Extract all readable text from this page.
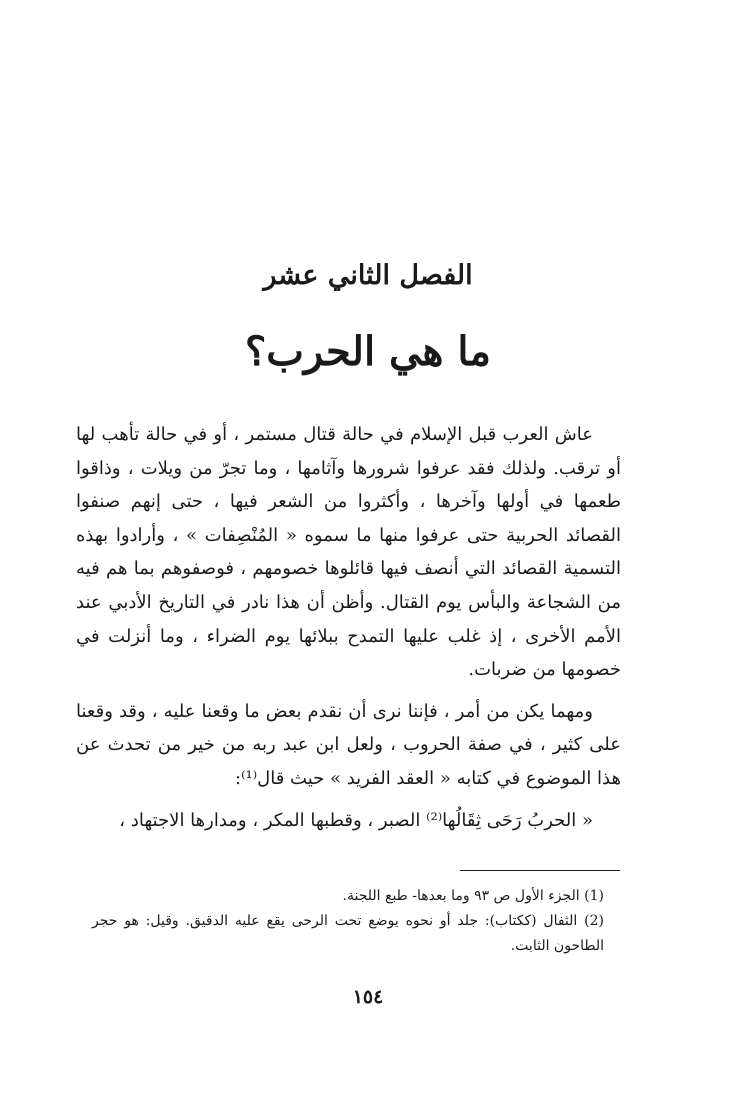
الفصل الثاني عشر
ما هي الحرب؟

عاش العرب قبل الإسلام في حالة قتال مستمر ، أو في حالة تأهب لها أو ترقب. ولذلك فقد عرفوا شرورها وآثامها ، وما تجرّ من ويلات ، وذاقوا طعمها في أولها وآخرها ، وأكثروا من الشعر فيها ، حتى إنهم صنفوا القصائد الحربية حتى عرفوا منها ما سموه « المُنْصِفات » ، وأرادوا بهذه التسمية القصائد التي أنصف فيها قائلوها خصومهم ، فوصفوهم بما هم فيه من الشجاعة والبأس يوم القتال. وأظن أن هذا نادر في التاريخ الأدبي عند الأمم الأخرى ، إذ غلب عليها التمدح ببلائها يوم الضراء ، وما أنزلت في خصومها من ضربات.

ومهما يكن من أمر ، فإننا نرى أن نقدم بعض ما وقعنا عليه ، وقد وقعنا على كثير ، في صفة الحروب ، ولعل ابن عبد ربه من خير من تحدث عن هذا الموضوع في كتابه « العقد الفريد » حيث قال⁽¹⁾:

« الحربُ رَحَى ثِقَالُها⁽²⁾ الصبر ، وقطبها المكر ، ومدارها الاجتهاد ،

(1) الجزء الأول ص ٩٣ وما بعدها- طبع اللجنة.

(2) الثفال (ككتاب): جلد أو نحوه يوضع تحت الرحى يقع عليه الدقيق. وقيل: هو حجر الطاحون الثابت.

١٥٤
